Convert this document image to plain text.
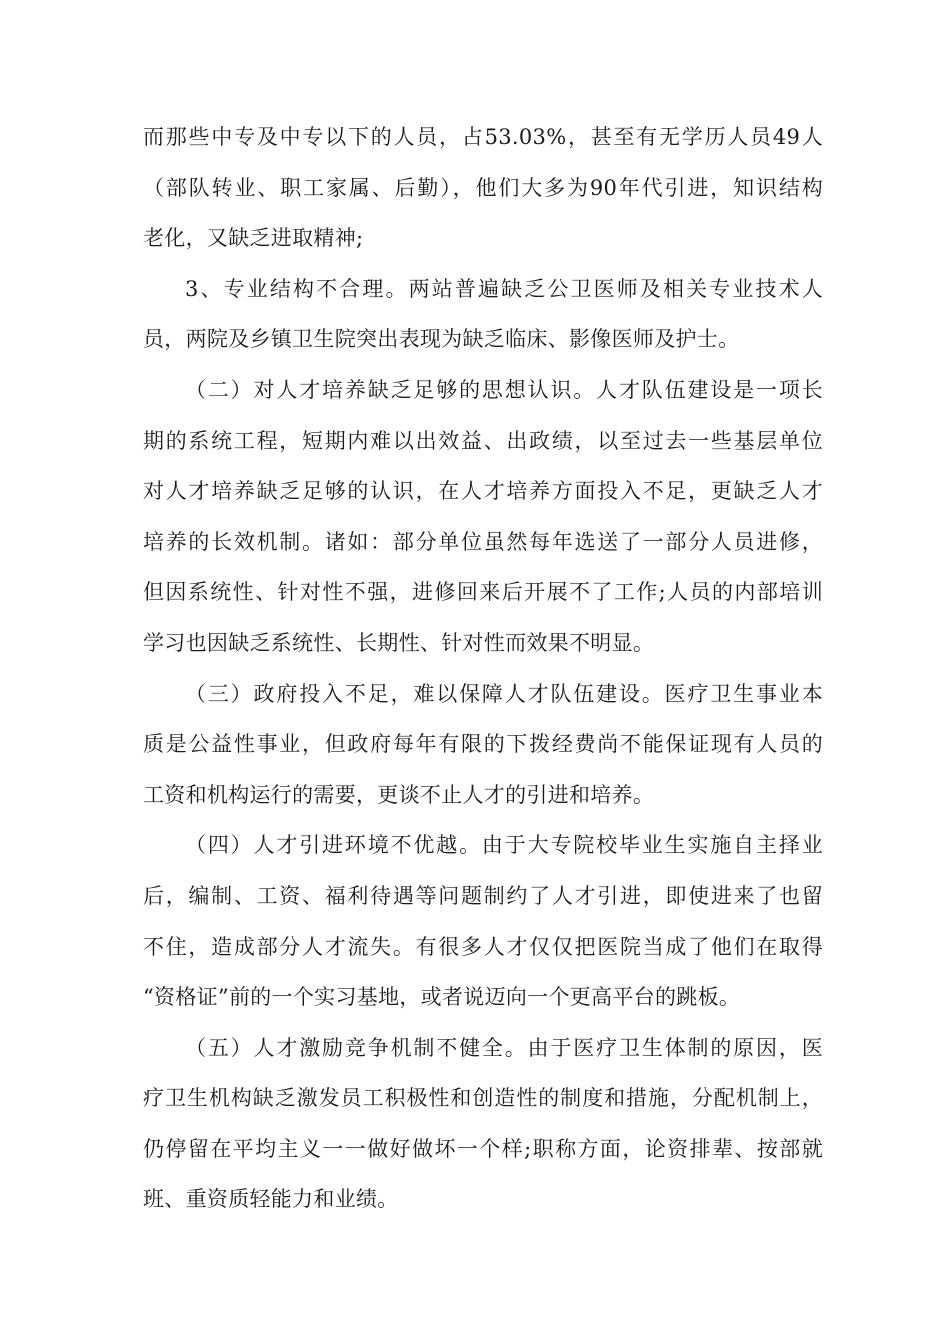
而那些中专及中专以下的人员，占53.03%，甚至有无学历人员49人
（部队转业、职工家属、后勤），他们大多为90年代引进，知识结构
老化，又缺乏进取精神;
3、专业结构不合理。两站普遍缺乏公卫医师及相关专业技术人
员，两院及乡镇卫生院突出表现为缺乏临床、影像医师及护士。
（二）对人才培养缺乏足够的思想认识。人才队伍建设是一项长
期的系统工程，短期内难以出效益、出政绩，以至过去一些基层单位
对人才培养缺乏足够的认识，在人才培养方面投入不足，更缺乏人才
培养的长效机制。诸如：部分单位虽然每年选送了一部分人员进修，
但因系统性、针对性不强，进修回来后开展不了工作;人员的内部培训
学习也因缺乏系统性、长期性、针对性而效果不明显。
（三）政府投入不足，难以保障人才队伍建设。医疗卫生事业本
质是公益性事业，但政府每年有限的下拨经费尚不能保证现有人员的
工资和机构运行的需要，更谈不止人才的引进和培养。
（四）人才引进环境不优越。由于大专院校毕业生实施自主择业
后，编制、工资、福利待遇等问题制约了人才引进，即使进来了也留
不住，造成部分人才流失。有很多人才仅仅把医院当成了他们在取得
“资格证”前的一个实习基地，或者说迈向一个更高平台的跳板。
（五）人才激励竞争机制不健全。由于医疗卫生体制的原因，医
疗卫生机构缺乏激发员工积极性和创造性的制度和措施，分配机制上，
仍停留在平均主义一一做好做坏一个样;职称方面，论资排辈、按部就
班、重资质轻能力和业绩。
